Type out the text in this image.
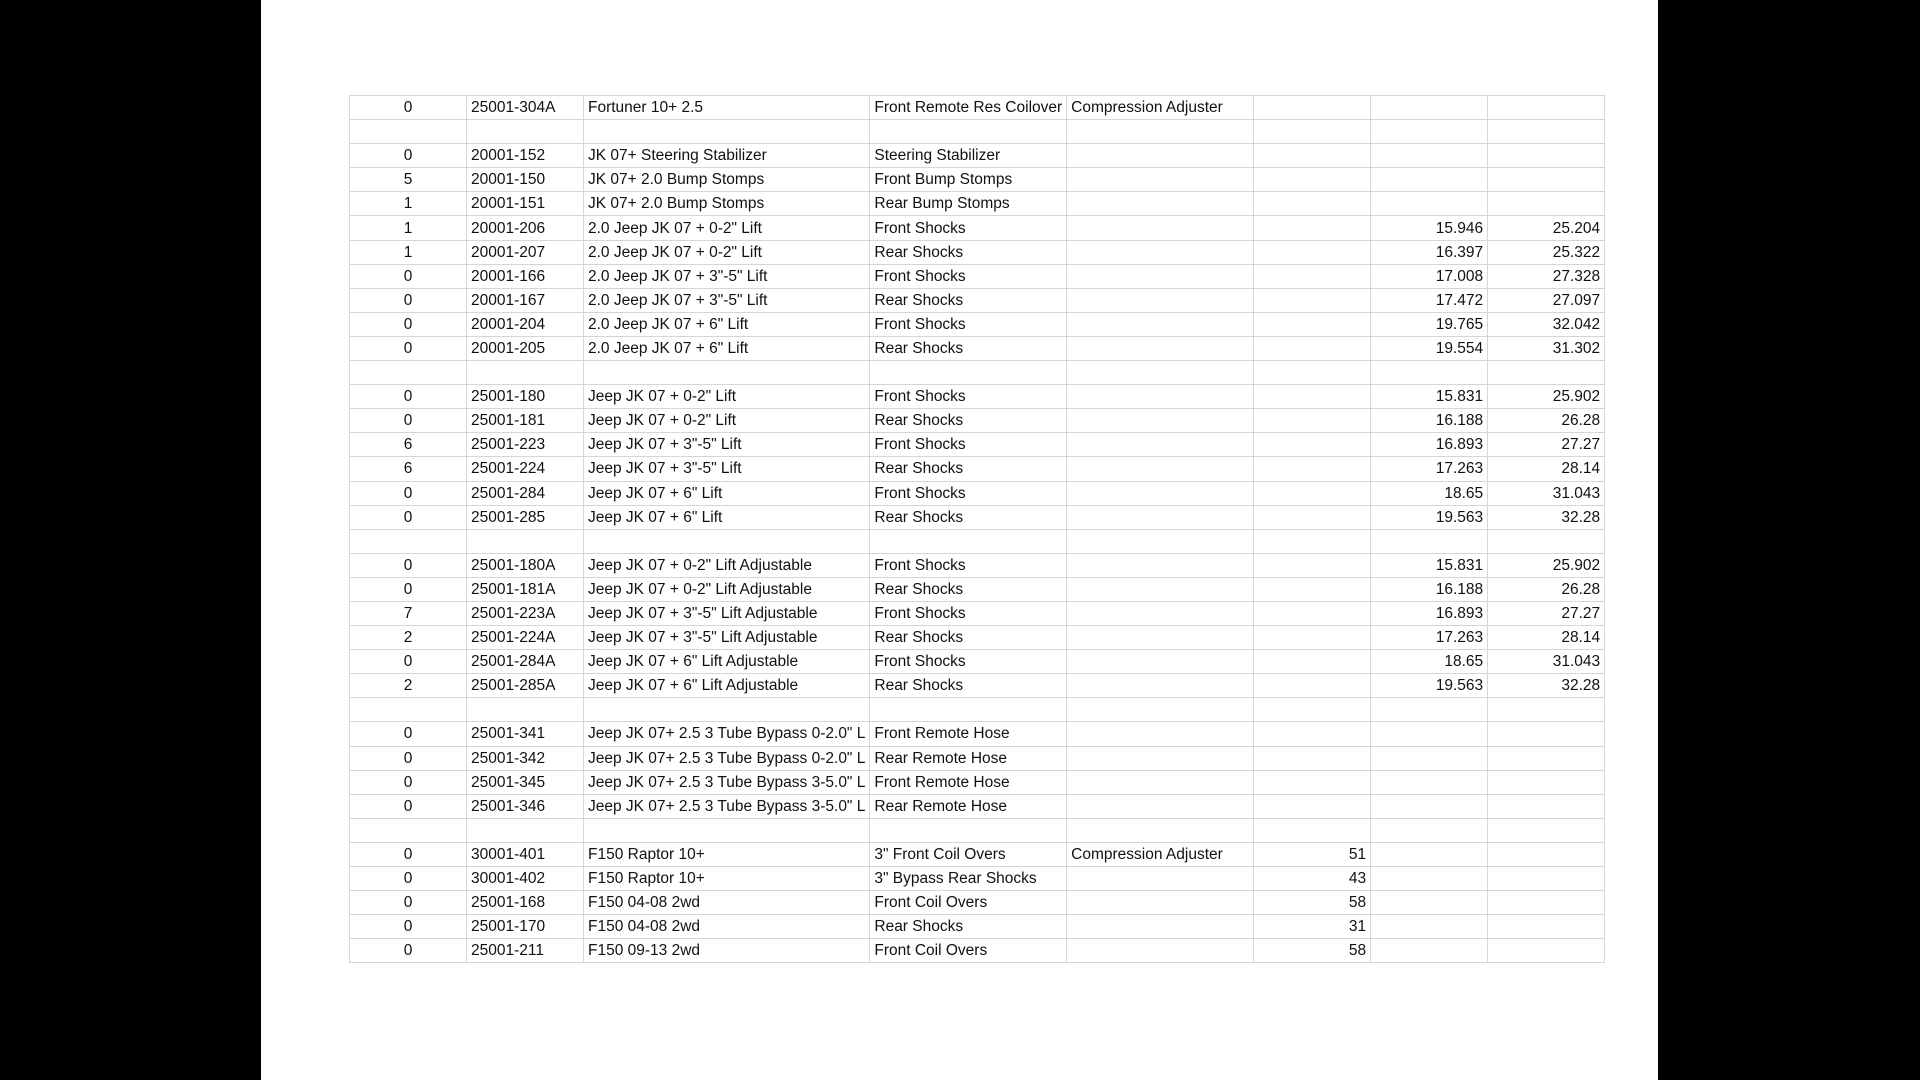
0	25001-304A	Fortuner 10+ 2.5	Front Remote Res Coilover	Compression Adjuster			

0	20001-152	JK 07+ Steering Stabilizer	Steering Stabilizer				
5	20001-150	JK 07+ 2.0 Bump Stomps	Front Bump Stomps				
1	20001-151	JK 07+ 2.0 Bump Stomps	Rear Bump Stomps				
1	20001-206	2.0 Jeep JK 07 + 0-2" Lift	Front Shocks			15.946	25.204
1	20001-207	2.0 Jeep JK 07 + 0-2" Lift	Rear Shocks			16.397	25.322
0	20001-166	2.0 Jeep JK 07 + 3"-5" Lift	Front Shocks			17.008	27.328
0	20001-167	2.0 Jeep JK 07 + 3"-5" Lift	Rear Shocks			17.472	27.097
0	20001-204	2.0 Jeep JK 07 + 6" Lift	Front Shocks			19.765	32.042
0	20001-205	2.0 Jeep JK 07 + 6" Lift	Rear Shocks			19.554	31.302

0	25001-180	Jeep JK 07 + 0-2" Lift	Front Shocks			15.831	25.902
0	25001-181	Jeep JK 07 + 0-2" Lift	Rear Shocks			16.188	26.28
6	25001-223	Jeep JK 07 + 3"-5" Lift	Front Shocks			16.893	27.27
6	25001-224	Jeep JK 07 + 3"-5" Lift	Rear Shocks			17.263	28.14
0	25001-284	Jeep JK 07 + 6" Lift	Front Shocks			18.65	31.043
0	25001-285	Jeep JK 07 + 6" Lift	Rear Shocks			19.563	32.28

0	25001-180A	Jeep JK 07 + 0-2" Lift Adjustable	Front Shocks			15.831	25.902
0	25001-181A	Jeep JK 07 + 0-2" Lift Adjustable	Rear Shocks			16.188	26.28
7	25001-223A	Jeep JK 07 + 3"-5" Lift Adjustable	Front Shocks			16.893	27.27
2	25001-224A	Jeep JK 07 + 3"-5" Lift Adjustable	Rear Shocks			17.263	28.14
0	25001-284A	Jeep JK 07 + 6" Lift Adjustable	Front Shocks			18.65	31.043
2	25001-285A	Jeep JK 07 + 6" Lift Adjustable	Rear Shocks			19.563	32.28

0	25001-341	Jeep JK 07+ 2.5 3 Tube Bypass 0-2.0" L	Front Remote Hose				
0	25001-342	Jeep JK 07+ 2.5 3 Tube Bypass 0-2.0" L	Rear Remote Hose				
0	25001-345	Jeep JK 07+ 2.5 3 Tube Bypass 3-5.0" L	Front Remote Hose				
0	25001-346	Jeep JK 07+ 2.5 3 Tube Bypass 3-5.0" L	Rear Remote Hose				

0	30001-401	F150 Raptor 10+	3" Front Coil Overs	Compression Adjuster	51		
0	30001-402	F150 Raptor 10+	3" Bypass Rear Shocks		43		
0	25001-168	F150 04-08 2wd	Front Coil Overs		58		
0	25001-170	F150 04-08 2wd	Rear Shocks		31		
0	25001-211	F150 09-13 2wd	Front Coil Overs		58		
